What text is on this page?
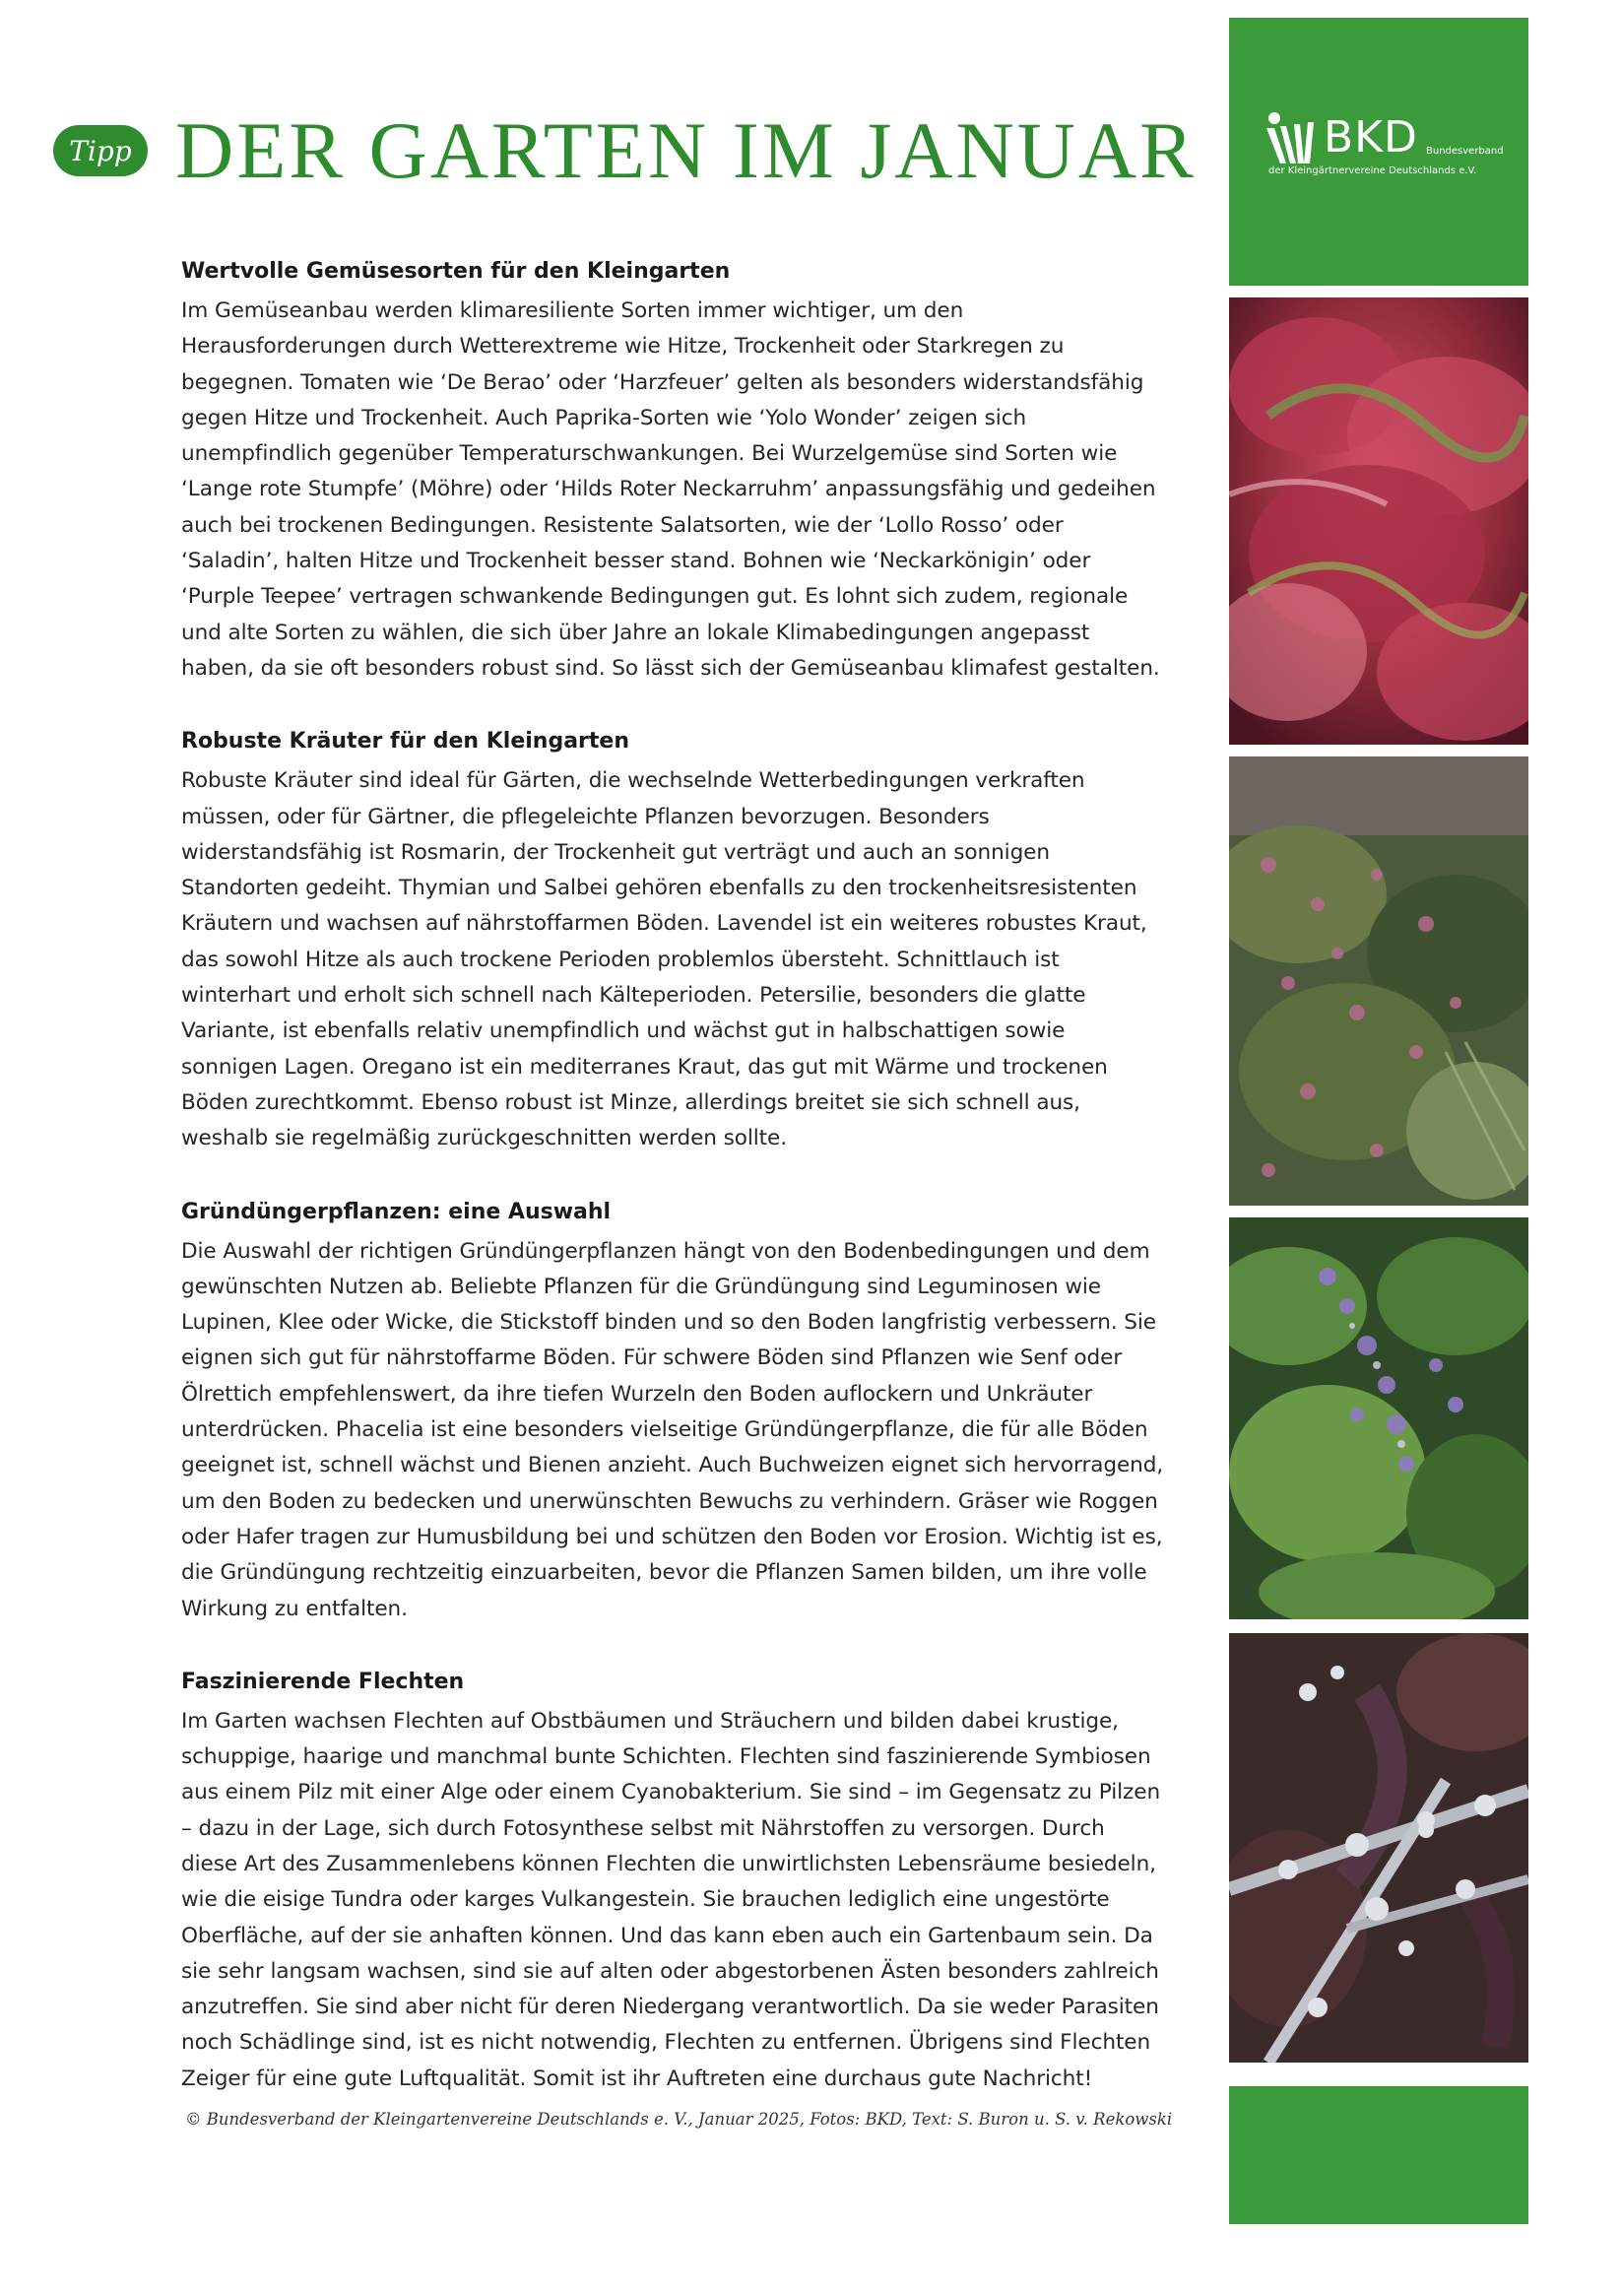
Tipp DER GARTEN IM JANUAR
Wertvolle Gemüsesorten für den Kleingarten

Im Gemüseanbau werden klimaresiliente Sorten immer wichtiger, um den Herausforderungen durch Wetterextreme wie Hitze, Trockenheit oder Starkregen zu begegnen. Tomaten wie ‘De Berao’ oder ‘Harzfeuer’ gelten als besonders widerstandsfähig gegen Hitze und Trockenheit. Auch Paprika-Sorten wie ‘Yolo Wonder’ zeigen sich unempfindlich gegenüber Temperaturschwankungen. Bei Wurzelgemüse sind Sorten wie ‘Lange rote Stumpfe’ (Möhre) oder ‘Hilds Roter Neckarruhm’ anpassungsfähig und gedeihen auch bei trockenen Bedingungen. Resistente Salatsorten, wie der ‘Lollo Rosso’ oder ‘Saladin’, halten Hitze und Trockenheit besser stand. Bohnen wie ‘Neckarkönigin’ oder ‘Purple Teepee’ vertragen schwankende Bedingungen gut. Es lohnt sich zudem, regionale und alte Sorten zu wählen, die sich über Jahre an lokale Klimabedingungen angepasst haben, da sie oft besonders robust sind. So lässt sich der Gemüseanbau klimafest gestalten.

Robuste Kräuter für den Kleingarten

Robuste Kräuter sind ideal für Gärten, die wechselnde Wetterbedingungen verkraften müssen, oder für Gärtner, die pflegeleichte Pflanzen bevorzugen. Besonders widerstandsfähig ist Rosmarin, der Trockenheit gut verträgt und auch an sonnigen Standorten gedeiht. Thymian und Salbei gehören ebenfalls zu den trockenheitsresistenten Kräutern und wachsen auf nährstoffarmen Böden. Lavendel ist ein weiteres robustes Kraut, das sowohl Hitze als auch trockene Perioden problemlos übersteht. Schnittlauch ist winterhart und erholt sich schnell nach Kälteperioden. Petersilie, besonders die glatte Variante, ist ebenfalls relativ unempfindlich und wächst gut in halbschattigen sowie sonnigen Lagen. Oregano ist ein mediterranes Kraut, das gut mit Wärme und trockenen Böden zurechtkommt. Ebenso robust ist Minze, allerdings breitet sie sich schnell aus, weshalb sie regelmäßig zurückgeschnitten werden sollte.

Gründüngerpflanzen: eine Auswahl

Die Auswahl der richtigen Gründüngerpflanzen hängt von den Bodenbedingungen und dem gewünschten Nutzen ab. Beliebte Pflanzen für die Gründüngung sind Leguminosen wie Lupinen, Klee oder Wicke, die Stickstoff binden und so den Boden langfristig verbessern. Sie eignen sich gut für nährstoffarme Böden. Für schwere Böden sind Pflanzen wie Senf oder Ölrettich empfehlenswert, da ihre tiefen Wurzeln den Boden auflockern und Unkräuter unterdrücken. Phacelia ist eine besonders vielseitige Gründüngerpflanze, die für alle Böden geeignet ist, schnell wächst und Bienen anzieht. Auch Buchweizen eignet sich hervorragend, um den Boden zu bedecken und unerwünschten Bewuchs zu verhindern. Gräser wie Roggen oder Hafer tragen zur Humusbildung bei und schützen den Boden vor Erosion. Wichtig ist es, die Gründüngung rechtzeitig einzuarbeiten, bevor die Pflanzen Samen bilden, um ihre volle Wirkung zu entfalten.

Faszinierende Flechten

Im Garten wachsen Flechten auf Obstbäumen und Sträuchern und bilden dabei krustige, schuppige, haarige und manchmal bunte Schichten. Flechten sind faszinierende Symbiosen aus einem Pilz mit einer Alge oder einem Cyanobakterium. Sie sind – im Gegensatz zu Pilzen – dazu in der Lage, sich durch Fotosynthese selbst mit Nährstoffen zu versorgen. Durch diese Art des Zusammenlebens können Flechten die unwirtlichsten Lebensräume besiedeln, wie die eisige Tundra oder karges Vulkangestein. Sie brauchen lediglich eine ungestörte Oberfläche, auf der sie anhaften können. Und das kann eben auch ein Gartenbaum sein. Da sie sehr langsam wachsen, sind sie auf alten oder abgestorbenen Ästen besonders zahlreich anzutreffen. Sie sind aber nicht für deren Niedergang verantwortlich. Da sie weder Parasiten noch Schädlinge sind, ist es nicht notwendig, Flechten zu entfernen. Übrigens sind Flechten Zeiger für eine gute Luftqualität. Somit ist ihr Auftreten eine durchaus gute Nachricht!

© Bundesverband der Kleingartenvereine Deutschlands e. V., Januar 2025, Fotos: BKD, Text: S. Buron u. S. v. Rekowski
BKD Bundesverband
der Kleingärtnervereine Deutschlands e.V.
